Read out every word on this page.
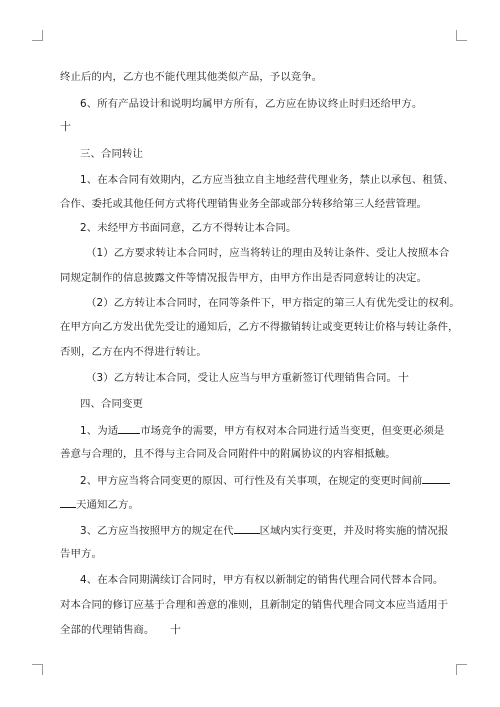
终止后的内，乙方也不能代理其他类似产品，予以竞争。
6、所有产品设计和说明均属甲方所有，乙方应在协议终止时归还给甲方。
十
三、合同转让
1、在本合同有效期内，乙方应当独立自主地经营代理业务，禁止以承包、租赁、
合作、委托或其他任何方式将代理销售业务全部或部分转移给第三人经营管理。
2、未经甲方书面同意，乙方不得转让本合同。
（1）乙方要求转让本合同时，应当将转让的理由及转让条件、受让人按照本合
同规定制作的信息披露文件等情况报告甲方，由甲方作出是否同意转让的决定。
（2）乙方转让本合同时，在同等条件下，甲方指定的第三人有优先受让的权利。
在甲方向乙方发出优先受让的通知后，乙方不得撤销转让或变更转让价格与转让条件，
否则，乙方在内不得进行转让。
（3）乙方转让本合同，受让人应当与甲方重新签订代理销售合同。 十
四、合同变更
1、为适 市场竞争的需要，甲方有权对本合同进行适当变更，但变更必须是
善意与合理的，且不得与主合同及合同附件中的附属协议的内容相抵触。
2、甲方应当将合同变更的原因、可行性及有关事项，在规定的变更时间前
天通知乙方。
3、乙方应当按照甲方的规定在代	区域内实行变更，并及时将实施的情况报
告甲方。
4、在本合同期满续订合同时，甲方有权以新制定的销售代理合同代替本合同。
对本合同的修订应基于合理和善意的准则，且新制定的销售代理合同文本应当适用于
全部的代理销售商。 十
